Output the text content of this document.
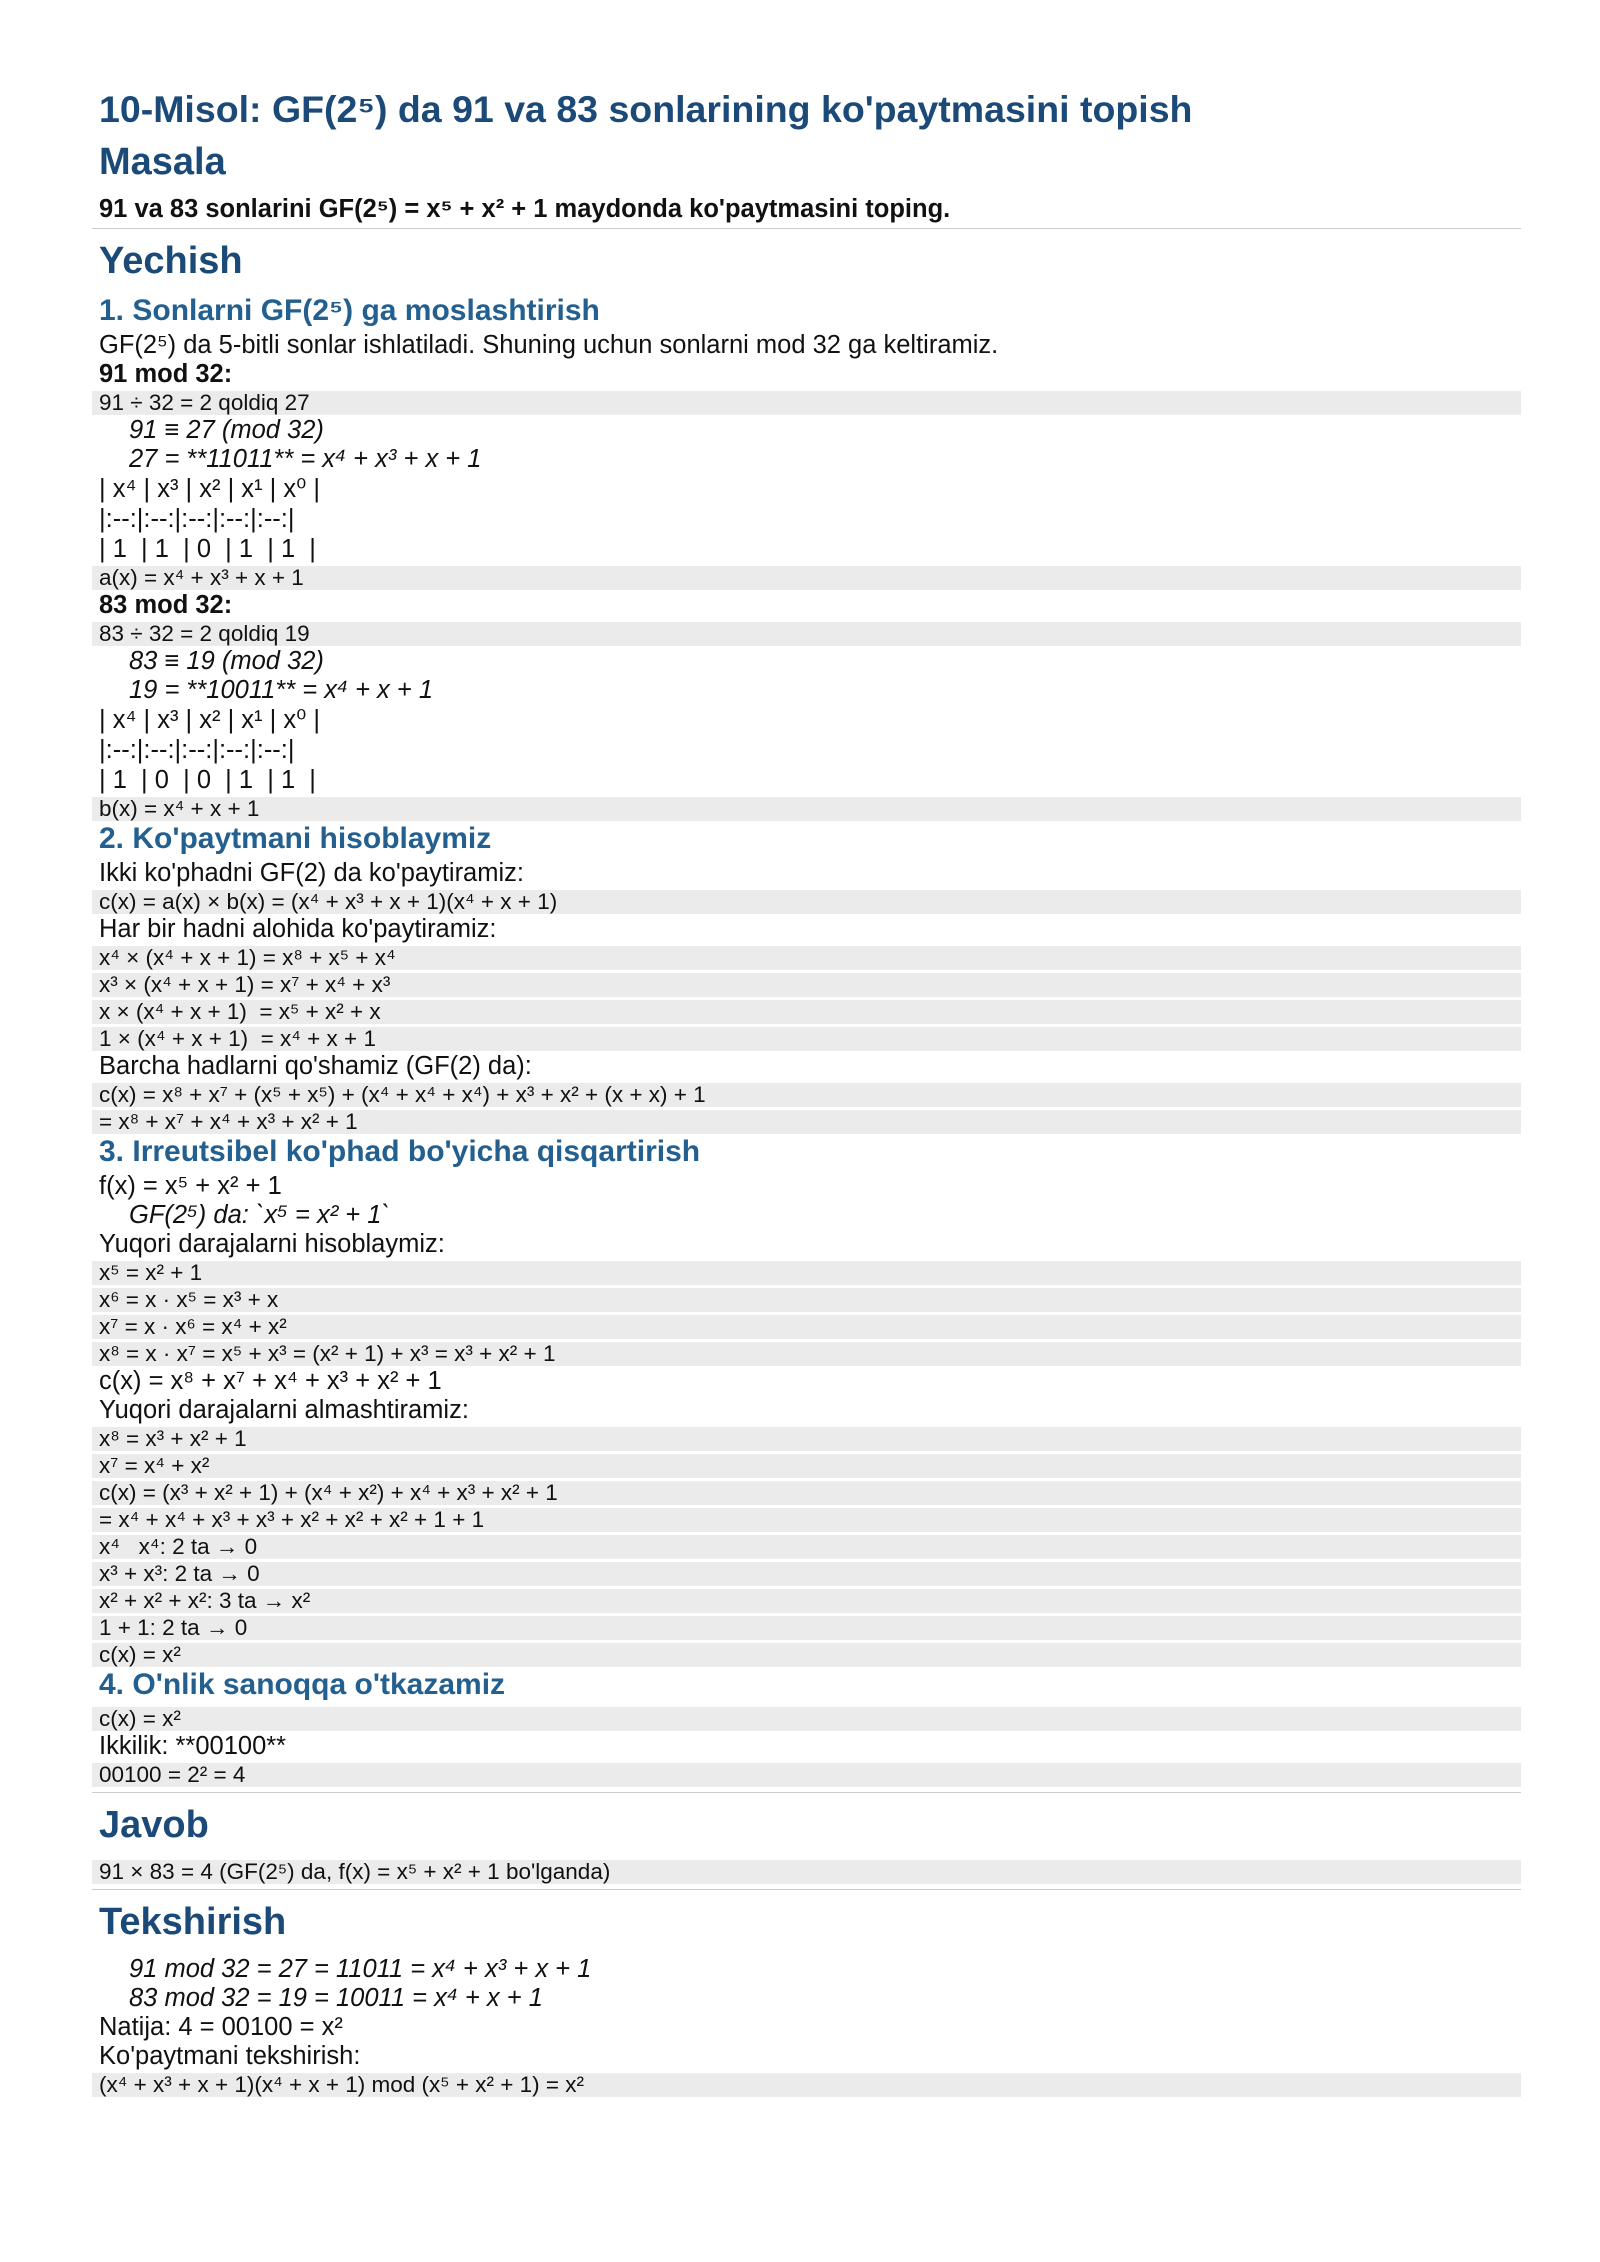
10-Misol: GF(2⁵) da 91 va 83 sonlarining ko'paytmasini topish
Masala
91 va 83 sonlarini GF(2⁵) = x⁵ + x² + 1 maydonda ko'paytmasini toping.
Yechish
1. Sonlarni GF(2⁵) ga moslashtirish
GF(2⁵) da 5-bitli sonlar ishlatiladi. Shuning uchun sonlarni mod 32 ga keltiramiz.
91 mod 32:
91 ÷ 32 = 2 qoldiq 27
91 ≡ 27 (mod 32)
27 = **11011** = x⁴ + x³ + x + 1
| x⁴ | x³ | x² | x¹ | x⁰ |
|:--:|:--:|:--:|:--:|:--:|
| 1  | 1  | 0  | 1  | 1  |
a(x) = x⁴ + x³ + x + 1
83 mod 32:
83 ÷ 32 = 2 qoldiq 19
83 ≡ 19 (mod 32)
19 = **10011** = x⁴ + x + 1
| x⁴ | x³ | x² | x¹ | x⁰ |
|:--:|:--:|:--:|:--:|:--:|
| 1  | 0  | 0  | 1  | 1  |
b(x) = x⁴ + x + 1
2. Ko'paytmani hisoblaymiz
Ikki ko'phadni GF(2) da ko'paytiramiz:
c(x) = a(x) × b(x) = (x⁴ + x³ + x + 1)(x⁴ + x + 1)
Har bir hadni alohida ko'paytiramiz:
x⁴ × (x⁴ + x + 1) = x⁸ + x⁵ + x⁴
x³ × (x⁴ + x + 1) = x⁷ + x⁴ + x³
x × (x⁴ + x + 1)  = x⁵ + x² + x
1 × (x⁴ + x + 1)  = x⁴ + x + 1
Barcha hadlarni qo'shamiz (GF(2) da):
c(x) = x⁸ + x⁷ + (x⁵ + x⁵) + (x⁴ + x⁴ + x⁴) + x³ + x² + (x + x) + 1
= x⁸ + x⁷ + x⁴ + x³ + x² + 1
3. Irreutsibel ko'phad bo'yicha qisqartirish
f(x) = x⁵ + x² + 1
GF(2⁵) da: `x⁵ = x² + 1`
Yuqori darajalarni hisoblaymiz:
x⁵ = x² + 1
x⁶ = x · x⁵ = x³ + x
x⁷ = x · x⁶ = x⁴ + x²
x⁸ = x · x⁷ = x⁵ + x³ = (x² + 1) + x³ = x³ + x² + 1
c(x) = x⁸ + x⁷ + x⁴ + x³ + x² + 1
Yuqori darajalarni almashtiramiz:
x⁸ = x³ + x² + 1
x⁷ = x⁴ + x²
c(x) = (x³ + x² + 1) + (x⁴ + x²) + x⁴ + x³ + x² + 1
= x⁴ + x⁴ + x³ + x³ + x² + x² + x² + 1 + 1
x⁴   x⁴: 2 ta → 0
x³ + x³: 2 ta → 0
x² + x² + x²: 3 ta → x²
1 + 1: 2 ta → 0
c(x) = x²
4. O'nlik sanoqqa o'tkazamiz
c(x) = x²
Ikkilik: **00100**
00100 = 2² = 4
Javob
91 × 83 = 4 (GF(2⁵) da, f(x) = x⁵ + x² + 1 bo'lganda)
Tekshirish
91 mod 32 = 27 = 11011 = x⁴ + x³ + x + 1
83 mod 32 = 19 = 10011 = x⁴ + x + 1
Natija: 4 = 00100 = x²
Ko'paytmani tekshirish:
(x⁴ + x³ + x + 1)(x⁴ + x + 1) mod (x⁵ + x² + 1) = x²
